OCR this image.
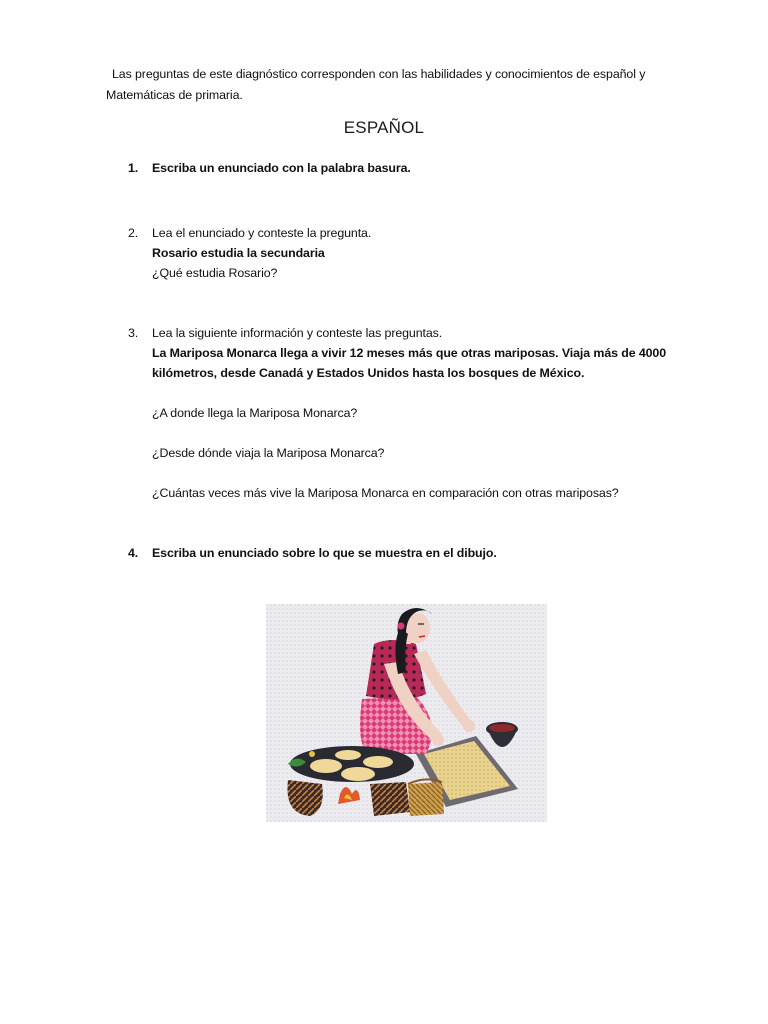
Las preguntas de este diagnóstico corresponden con las habilidades y conocimientos de español y Matemáticas de primaria.
ESPAÑOL
1.	Escriba un enunciado con la palabra basura.
2.	Lea el enunciado y conteste la pregunta.
Rosario estudia la secundaria
¿Qué estudia Rosario?
3.	Lea la siguiente información y conteste las preguntas.
La Mariposa Monarca llega a vivir 12 meses más que otras mariposas. Viaja más de 4000
kilómetros, desde Canadá y Estados Unidos hasta los bosques de México.
¿A donde llega la Mariposa Monarca?
¿Desde dónde viaja la Mariposa Monarca?
¿Cuántas veces más vive la Mariposa Monarca en comparación con otras mariposas?
4.	Escriba un enunciado sobre lo que se muestra en el dibujo.
